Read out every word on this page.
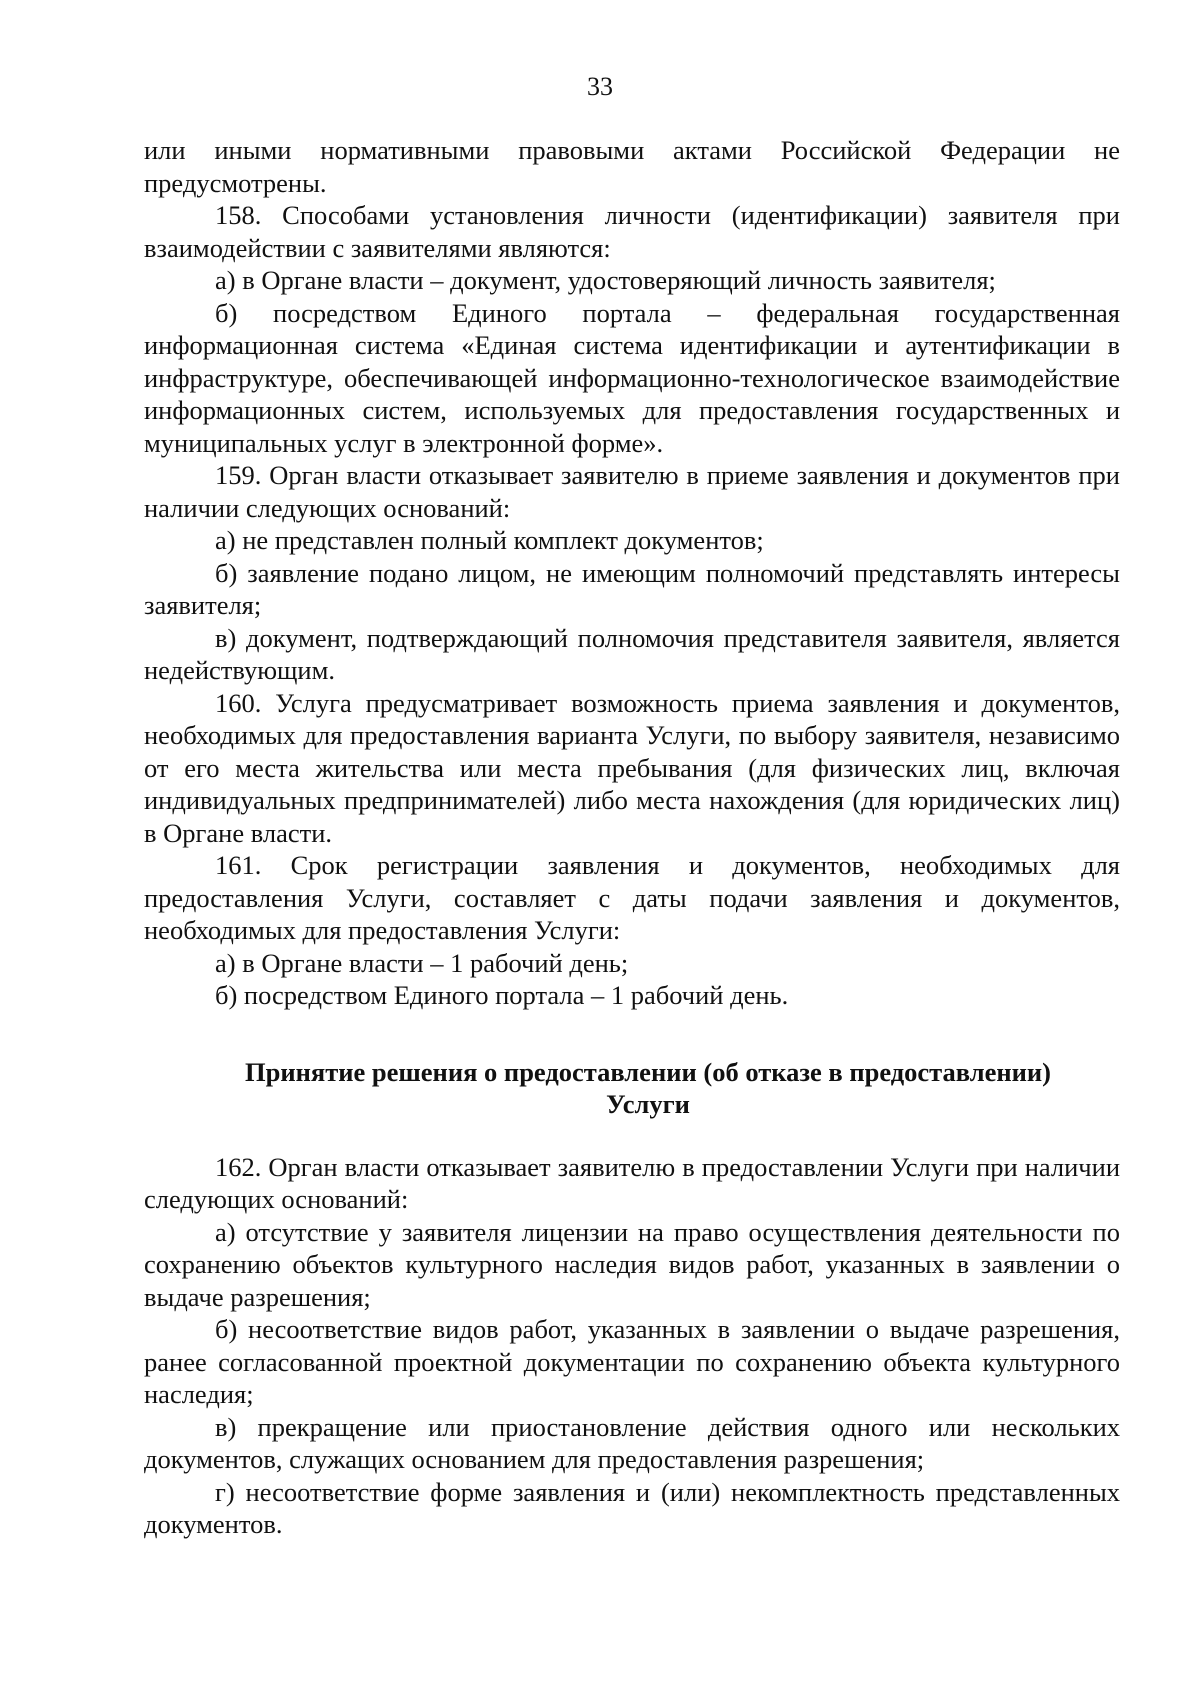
33

или иными нормативными правовыми актами Российской Федерации не предусмотрены.

158. Способами установления личности (идентификации) заявителя при взаимодействии с заявителями являются:

а) в Органе власти – документ, удостоверяющий личность заявителя;

б) посредством Единого портала – федеральная государственная информационная система «Единая система идентификации и аутентификации в инфраструктуре, обеспечивающей информационно-технологическое взаимодействие информационных систем, используемых для предоставления государственных и муниципальных услуг в электронной форме».

159. Орган власти отказывает заявителю в приеме заявления и документов при наличии следующих оснований:

а) не представлен полный комплект документов;

б) заявление подано лицом, не имеющим полномочий представлять интересы заявителя;

в) документ, подтверждающий полномочия представителя заявителя, является недействующим.

160. Услуга предусматривает возможность приема заявления и документов, необходимых для предоставления варианта Услуги, по выбору заявителя, независимо от его места жительства или места пребывания (для физических лиц, включая индивидуальных предпринимателей) либо места нахождения (для юридических лиц) в Органе власти.

161. Срок регистрации заявления и документов, необходимых для предоставления Услуги, составляет с даты подачи заявления и документов, необходимых для предоставления Услуги:

а) в Органе власти – 1 рабочий день;

б) посредством Единого портала – 1 рабочий день.

Принятие решения о предоставлении (об отказе в предоставлении)

Услуги

162. Орган власти отказывает заявителю в предоставлении Услуги при наличии следующих оснований:

а) отсутствие у заявителя лицензии на право осуществления деятельности по сохранению объектов культурного наследия видов работ, указанных в заявлении о выдаче разрешения;

б) несоответствие видов работ, указанных в заявлении о выдаче разрешения, ранее согласованной проектной документации по сохранению объекта культурного наследия;

в) прекращение или приостановление действия одного или нескольких документов, служащих основанием для предоставления разрешения;

г) несоответствие форме заявления и (или) некомплектность представленных документов.
